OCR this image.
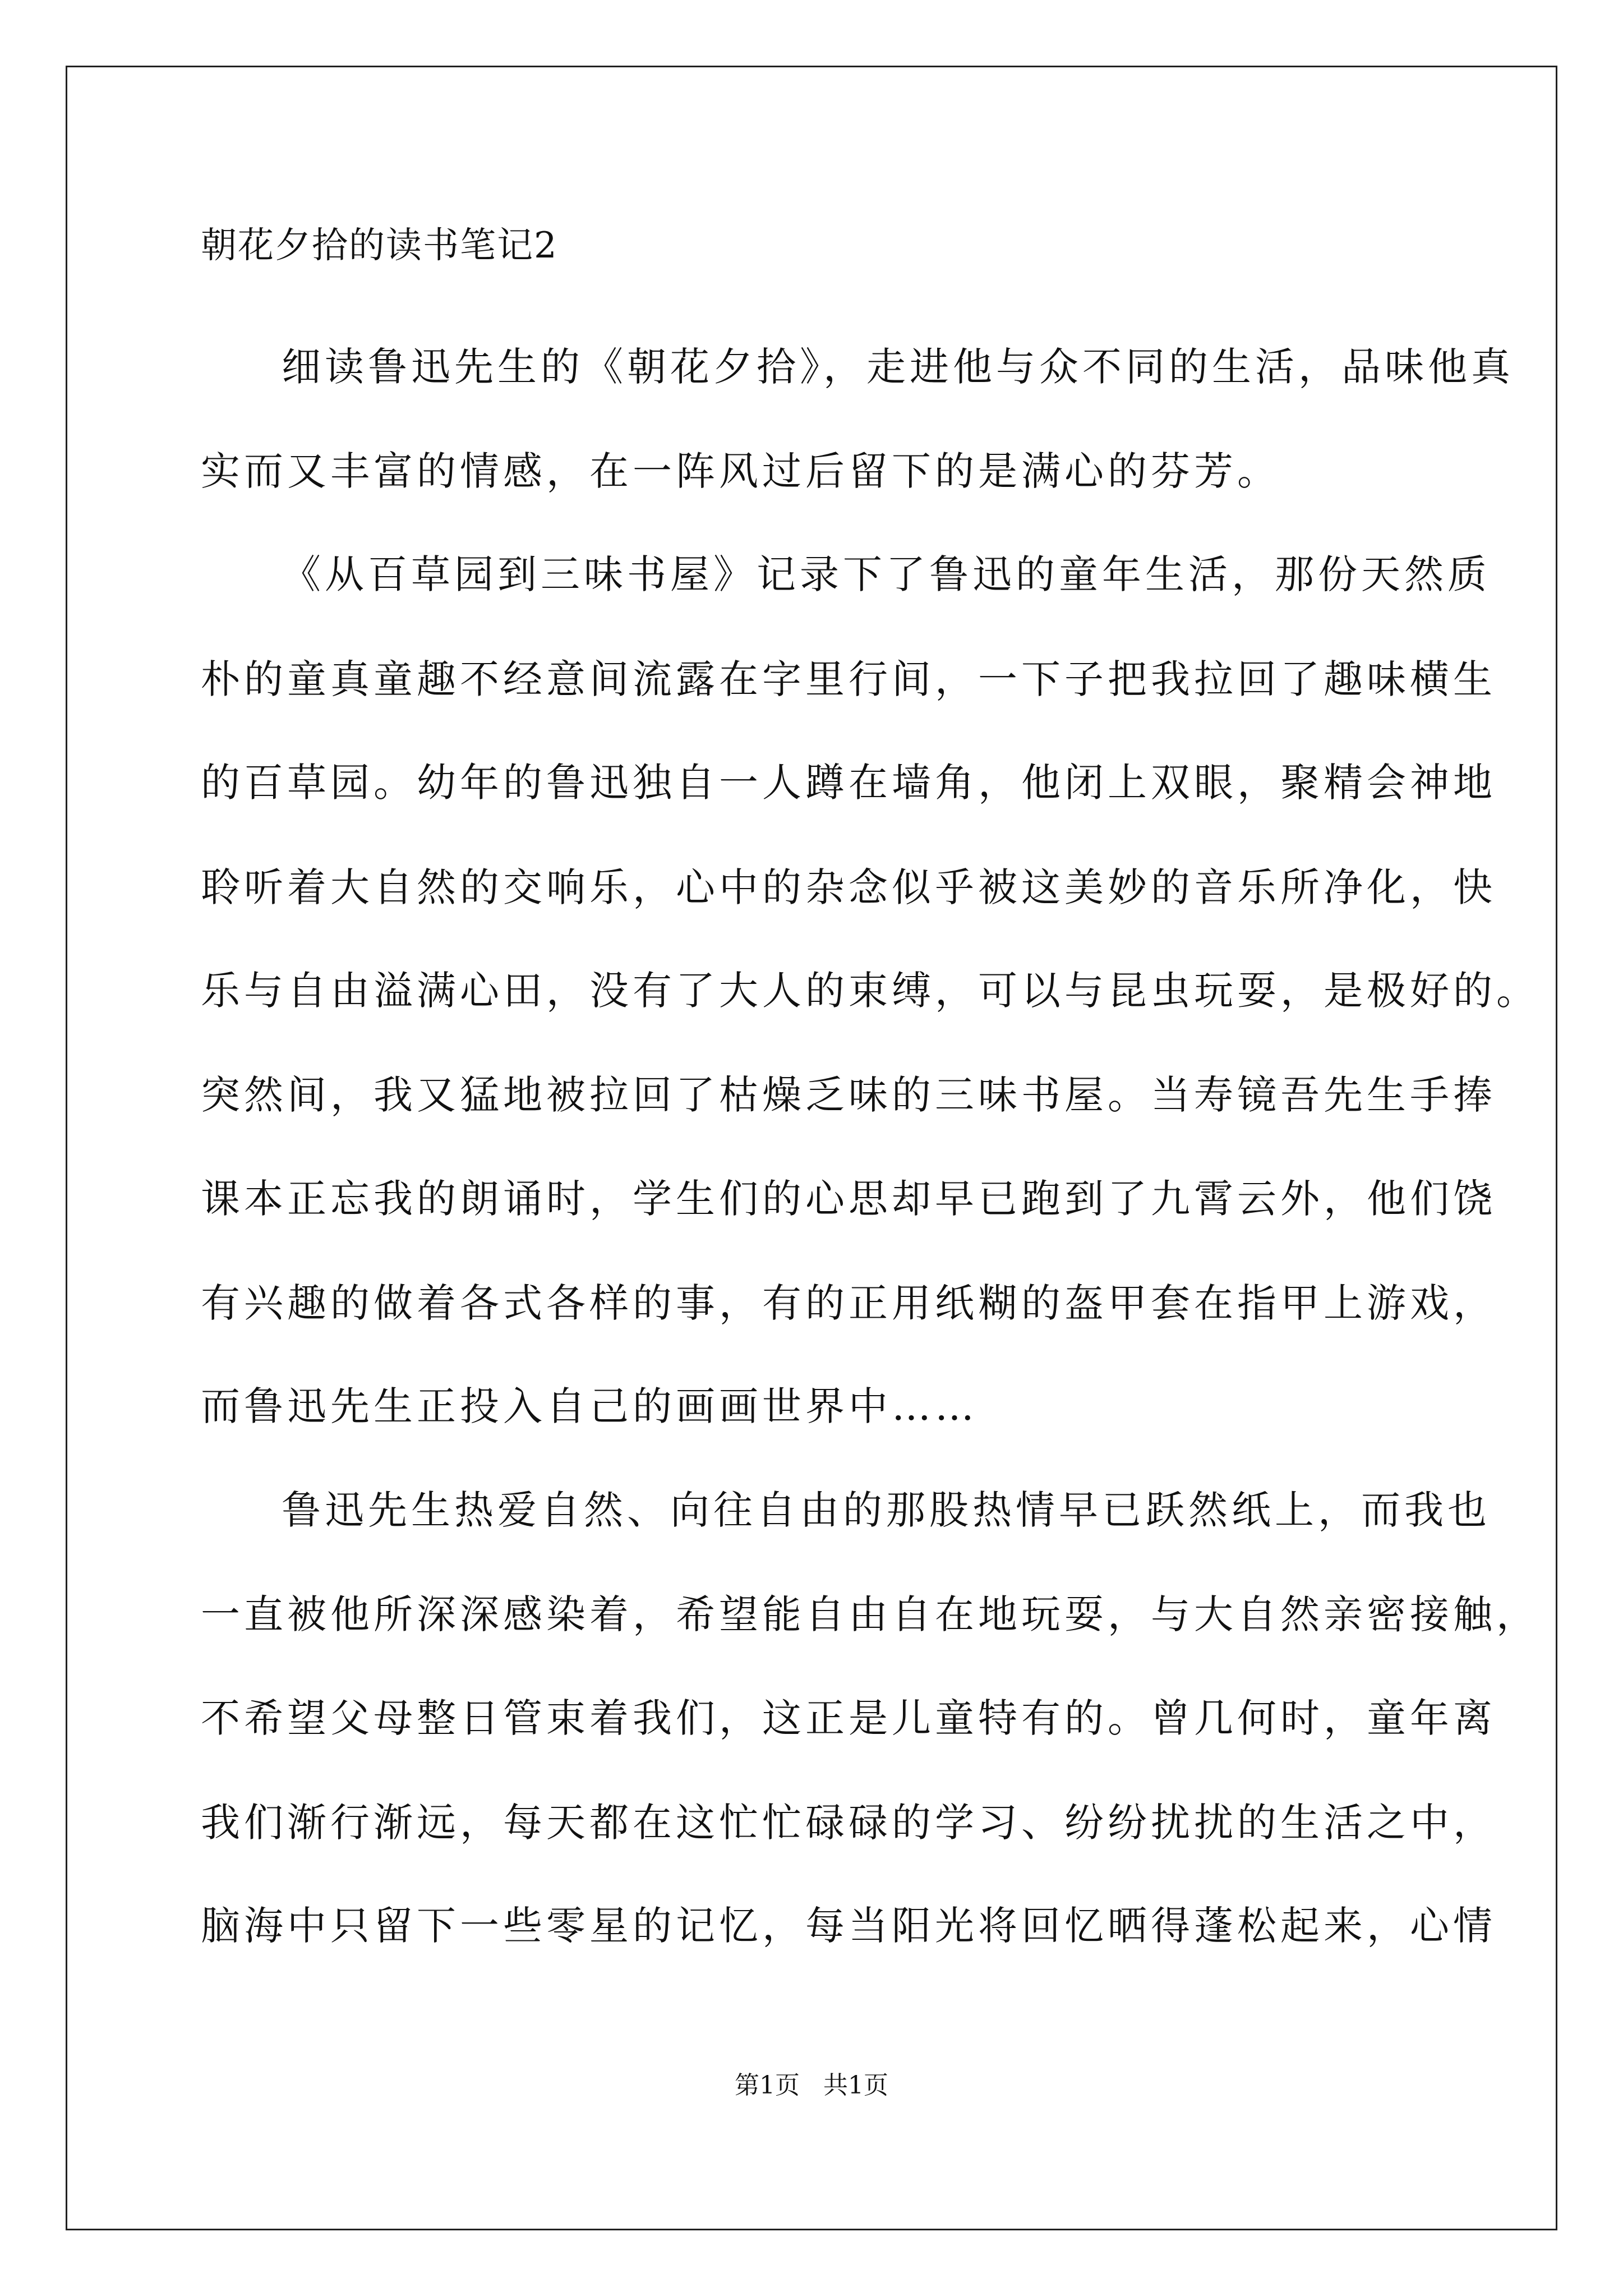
朝花夕拾的读书笔记2
细读鲁迅先生的《朝花夕拾》，走进他与众不同的生活，品味他真
实而又丰富的情感，在一阵风过后留下的是满心的芬芳。
《从百草园到三味书屋》记录下了鲁迅的童年生活，那份天然质
朴的童真童趣不经意间流露在字里行间，一下子把我拉回了趣味横生
的百草园。幼年的鲁迅独自一人蹲在墙角，他闭上双眼，聚精会神地
聆听着大自然的交响乐，心中的杂念似乎被这美妙的音乐所净化，快
乐与自由溢满心田，没有了大人的束缚，可以与昆虫玩耍，是极好的。
突然间，我又猛地被拉回了枯燥乏味的三味书屋。当寿镜吾先生手捧
课本正忘我的朗诵时，学生们的心思却早已跑到了九霄云外，他们饶
有兴趣的做着各式各样的事，有的正用纸糊的盔甲套在指甲上游戏，
而鲁迅先生正投入自己的画画世界中……
鲁迅先生热爱自然、向往自由的那股热情早已跃然纸上，而我也
一直被他所深深感染着，希望能自由自在地玩耍，与大自然亲密接触，
不希望父母整日管束着我们，这正是儿童特有的。曾几何时，童年离
我们渐行渐远，每天都在这忙忙碌碌的学习、纷纷扰扰的生活之中，
脑海中只留下一些零星的记忆，每当阳光将回忆晒得蓬松起来，心情
第1页 共1页
